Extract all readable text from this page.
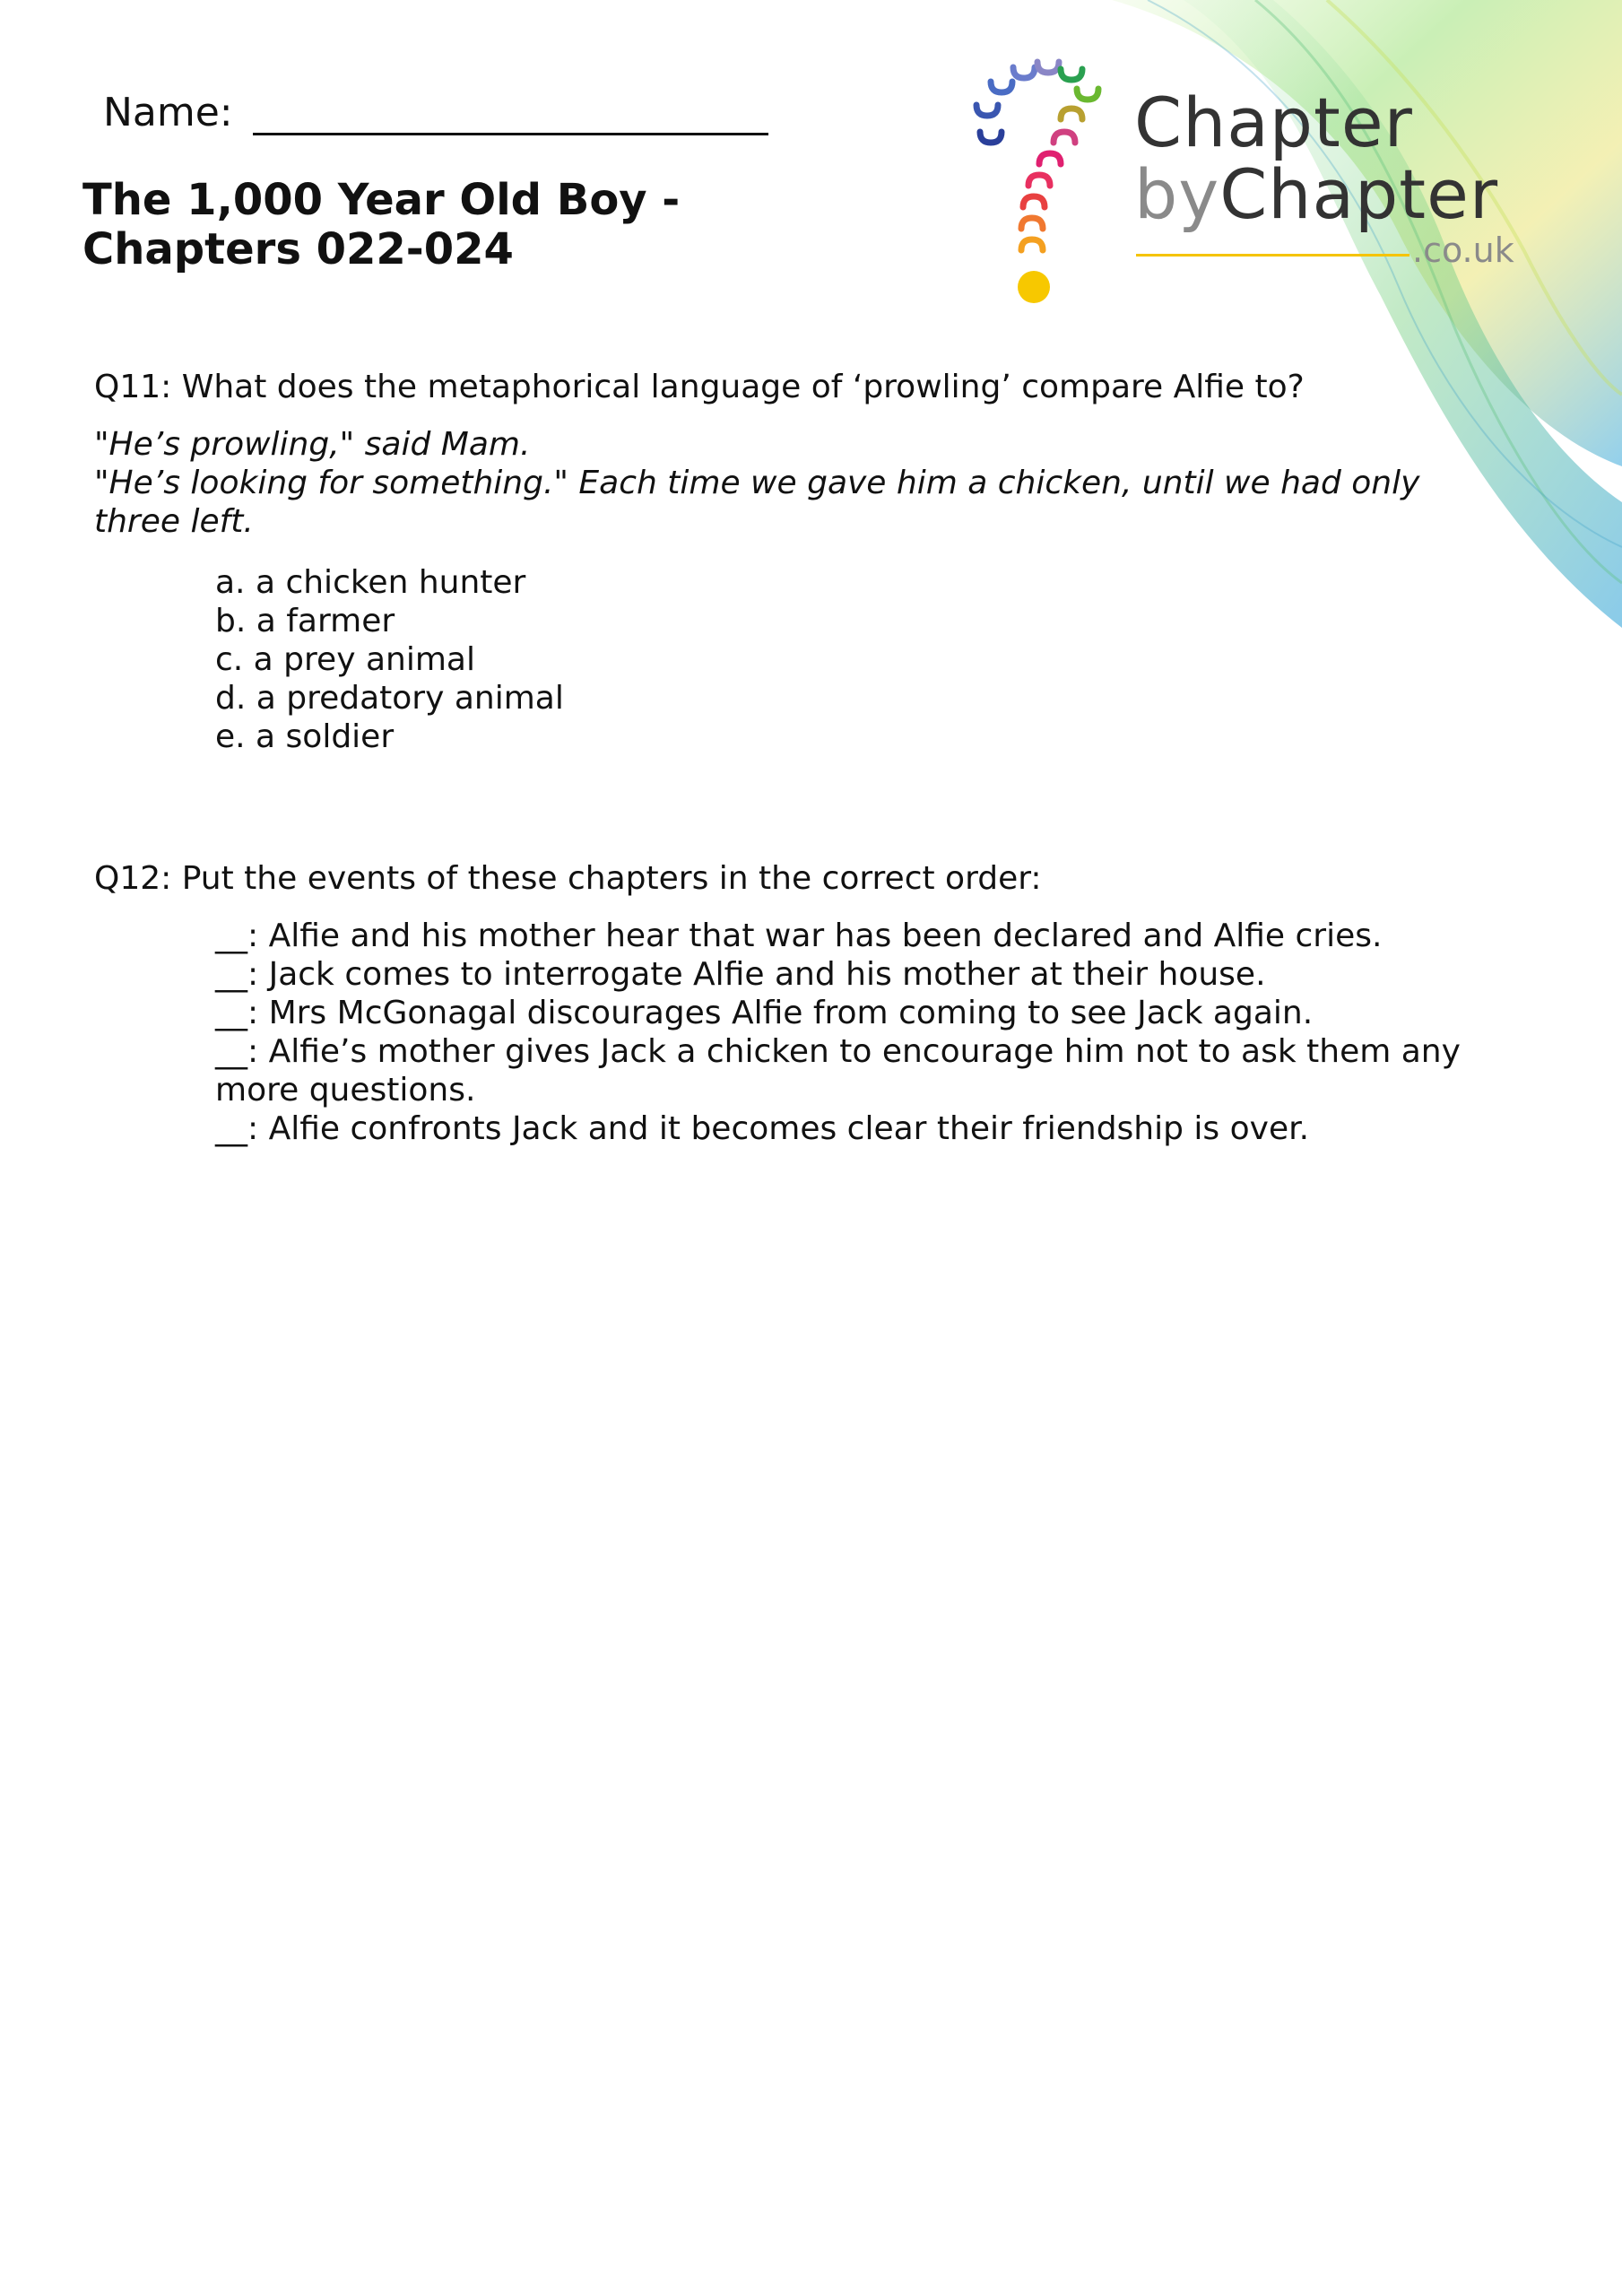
Name:
The 1,000 Year Old Boy -
Chapters 022-024
Chapter
byChapter
.co.uk
Q11: What does the metaphorical language of ‘prowling’ compare Alfie to?
"He’s prowling," said Mam.
"He’s looking for something." Each time we gave him a chicken, until we had only
three left.
a. a chicken hunter
b. a farmer
c. a prey animal
d. a predatory animal
e. a soldier
Q12: Put the events of these chapters in the correct order:
__: Alfie and his mother hear that war has been declared and Alfie cries.
__: Jack comes to interrogate Alfie and his mother at their house.
__: Mrs McGonagal discourages Alfie from coming to see Jack again.
__: Alfie’s mother gives Jack a chicken to encourage him not to ask them any
more questions.
__: Alfie confronts Jack and it becomes clear their friendship is over.
